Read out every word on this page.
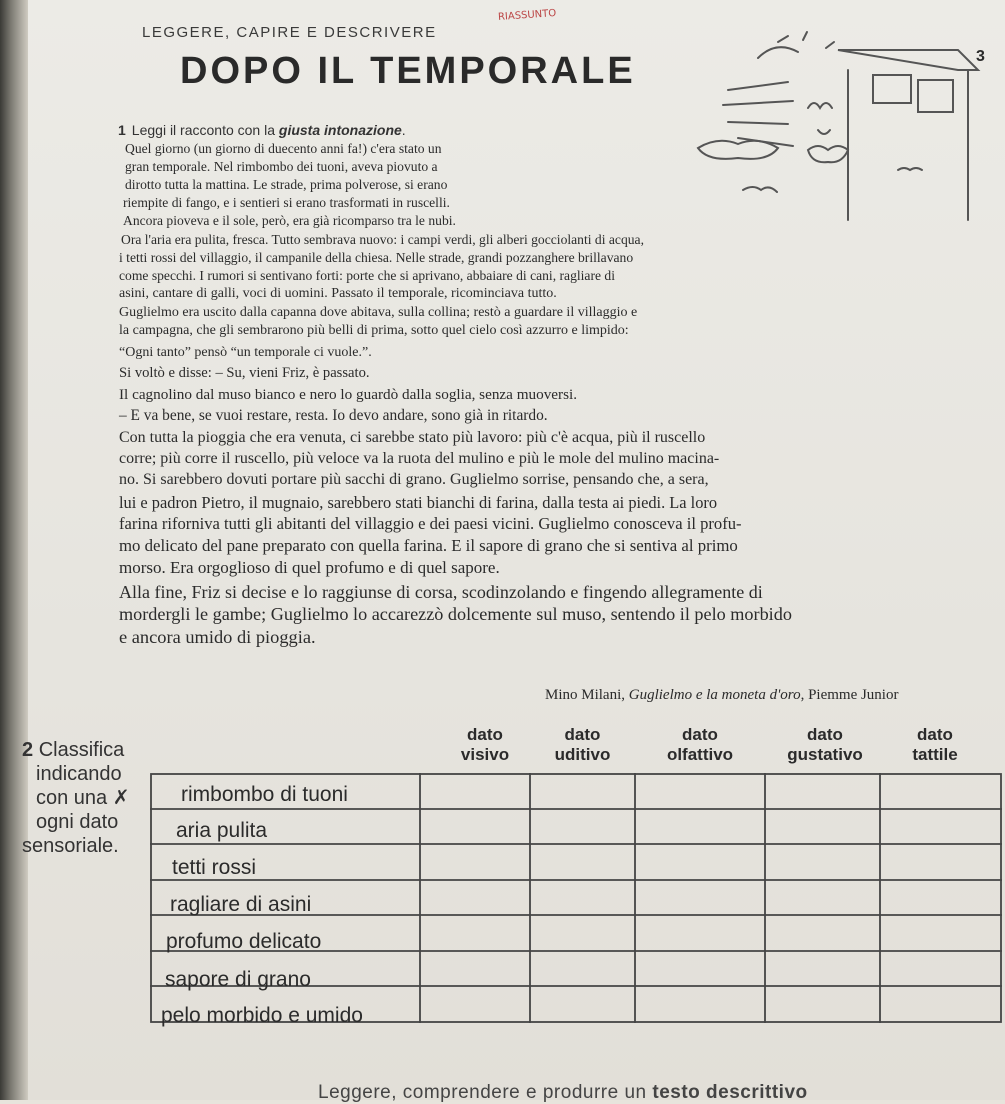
LEGGERE, CAPIRE E DESCRIVERE
RIASSUNTO
DOPO IL TEMPORALE	3
1 Leggi il racconto con la giusta intonazione.
Quel giorno (un giorno di duecento anni fa!) c'era stato un
gran temporale. Nel rimbombo dei tuoni, aveva piovuto a
dirotto tutta la mattina. Le strade, prima polverose, si erano
riempite di fango, e i sentieri si erano trasformati in ruscelli.
Ancora pioveva e il sole, però, era già ricomparso tra le nubi.
Ora l'aria era pulita, fresca. Tutto sembrava nuovo: i campi verdi, gli alberi gocciolanti di acqua,
i tetti rossi del villaggio, il campanile della chiesa. Nelle strade, grandi pozzanghere brillavano
come specchi. I rumori si sentivano forti: porte che si aprivano, abbaiare di cani, ragliare di
asini, cantare di galli, voci di uomini. Passato il temporale, ricominciava tutto.
Guglielmo era uscito dalla capanna dove abitava, sulla collina; restò a guardare il villaggio e
la campagna, che gli sembrarono più belli di prima, sotto quel cielo così azzurro e limpido:
“Ogni tanto” pensò “un temporale ci vuole.”.
Si voltò e disse: – Su, vieni Friz, è passato.
Il cagnolino dal muso bianco e nero lo guardò dalla soglia, senza muoversi.
– E va bene, se vuoi restare, resta. Io devo andare, sono già in ritardo.
Con tutta la pioggia che era venuta, ci sarebbe stato più lavoro: più c'è acqua, più il ruscello
corre; più corre il ruscello, più veloce va la ruota del mulino e più le mole del mulino macina-
no. Si sarebbero dovuti portare più sacchi di grano. Guglielmo sorrise, pensando che, a sera,
lui e padron Pietro, il mugnaio, sarebbero stati bianchi di farina, dalla testa ai piedi. La loro
farina riforniva tutti gli abitanti del villaggio e dei paesi vicini. Guglielmo conosceva il profu-
mo delicato del pane preparato con quella farina. E il sapore di grano che si sentiva al primo
morso. Era orgoglioso di quel profumo e di quel sapore.
Alla fine, Friz si decise e lo raggiunse di corsa, scodinzolando e fingendo allegramente di
mordergli le gambe; Guglielmo lo accarezzò dolcemente sul muso, sentendo il pelo morbido
e ancora umido di pioggia.
Mino Milani, Guglielmo e la moneta d'oro, Piemme Junior
2 Classifica
indicando
con una ✗
ogni dato
sensoriale.
dato
visivo
dato
uditivo
dato
olfattivo
dato
gustativo
dato
tattile
rimbombo di tuoni
aria pulita
tetti rossi
ragliare di asini
profumo delicato
sapore di grano
pelo morbido e umido
Leggere, comprendere e produrre un testo descrittivo
